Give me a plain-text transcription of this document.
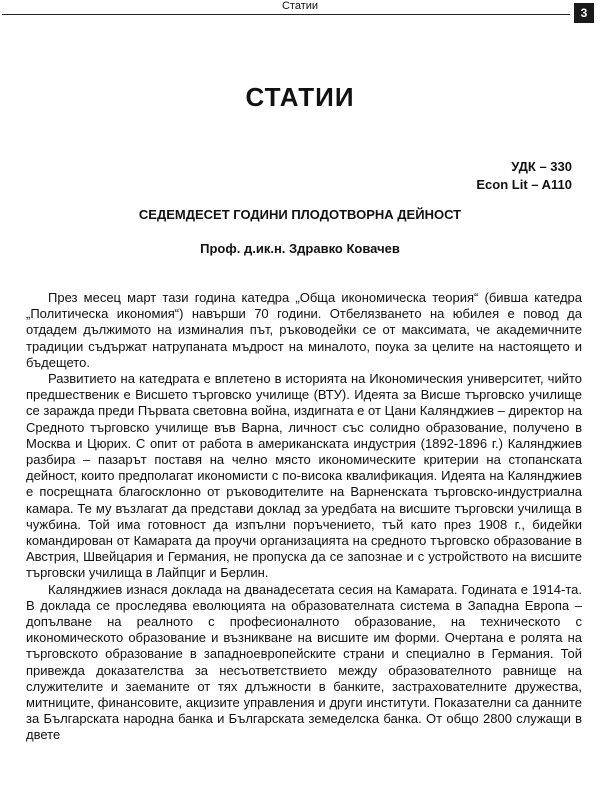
Статии	3
СТАТИИ
УДК – 330
Econ Lit – A110
СЕДЕМДЕСЕТ ГОДИНИ ПЛОДОТВОРНА ДЕЙНОСТ
Проф. д.ик.н. Здравко Ковачев

През месец март тази година катедра „Обща икономическа теория“ (бивша катедра „Политическа икономия“) навърши 70 години. Отбелязването на юбилея е повод да отдадем дължимото на изминалия път, ръководейки се от максимата, че академичните традиции съдържат натрупаната мъдрост на миналото, поука за целите на настоящето и бъдещето.

Развитието на катедрата е вплетено в историята на Икономическия университет, чийто предшественик е Висшето търговско училище (ВТУ). Идеята за Висше търговско училище се заражда преди Първата световна война, издигната е от Цани Калянджиев – директор на Средното търговско училище във Варна, личност със солидно образование, получено в Москва и Цюрих. С опит от работа в американската индустрия (1892-1896 г.) Калянджиев разбира – пазарът поставя на челно място икономическите критерии на стопанската дейност, които предполагат икономисти с по-висока квалификация. Идеята на Калянджиев е посрещната благосклонно от ръководителите на Варненската търговско-индустриална камара. Те му възлагат да представи доклад за уредбата на висшите търговски училища в чужбина. Той има готовност да изпълни поръчението, тъй като през 1908 г., бидейки командирован от Камарата да проучи организацията на средното търговско образование в Австрия, Швейцария и Германия, не пропуска да се запознае и с устройството на висшите търговски училища в Лайпциг и Берлин.

Калянджиев изнася доклада на дванадесетата сесия на Камарата. Годината е 1914-та. В доклада се проследява еволюцията на образователната система в Западна Европа – допълване на реалното с професионалното образование, на техническото с икономическото образование и възникване на висшите им форми. Очертана е ролята на търговското образование в западноевропейските страни и специално в Германия. Той привежда доказателства за несъответствието между образователното равнище на служителите и заеманите от тях длъжности в банките, застрахователните дружества, митниците, финансовите, акцизите управления и други институти. Показателни са данните за Българската народна банка и Българската земеделска банка. От общо 2800 служащи в двете
